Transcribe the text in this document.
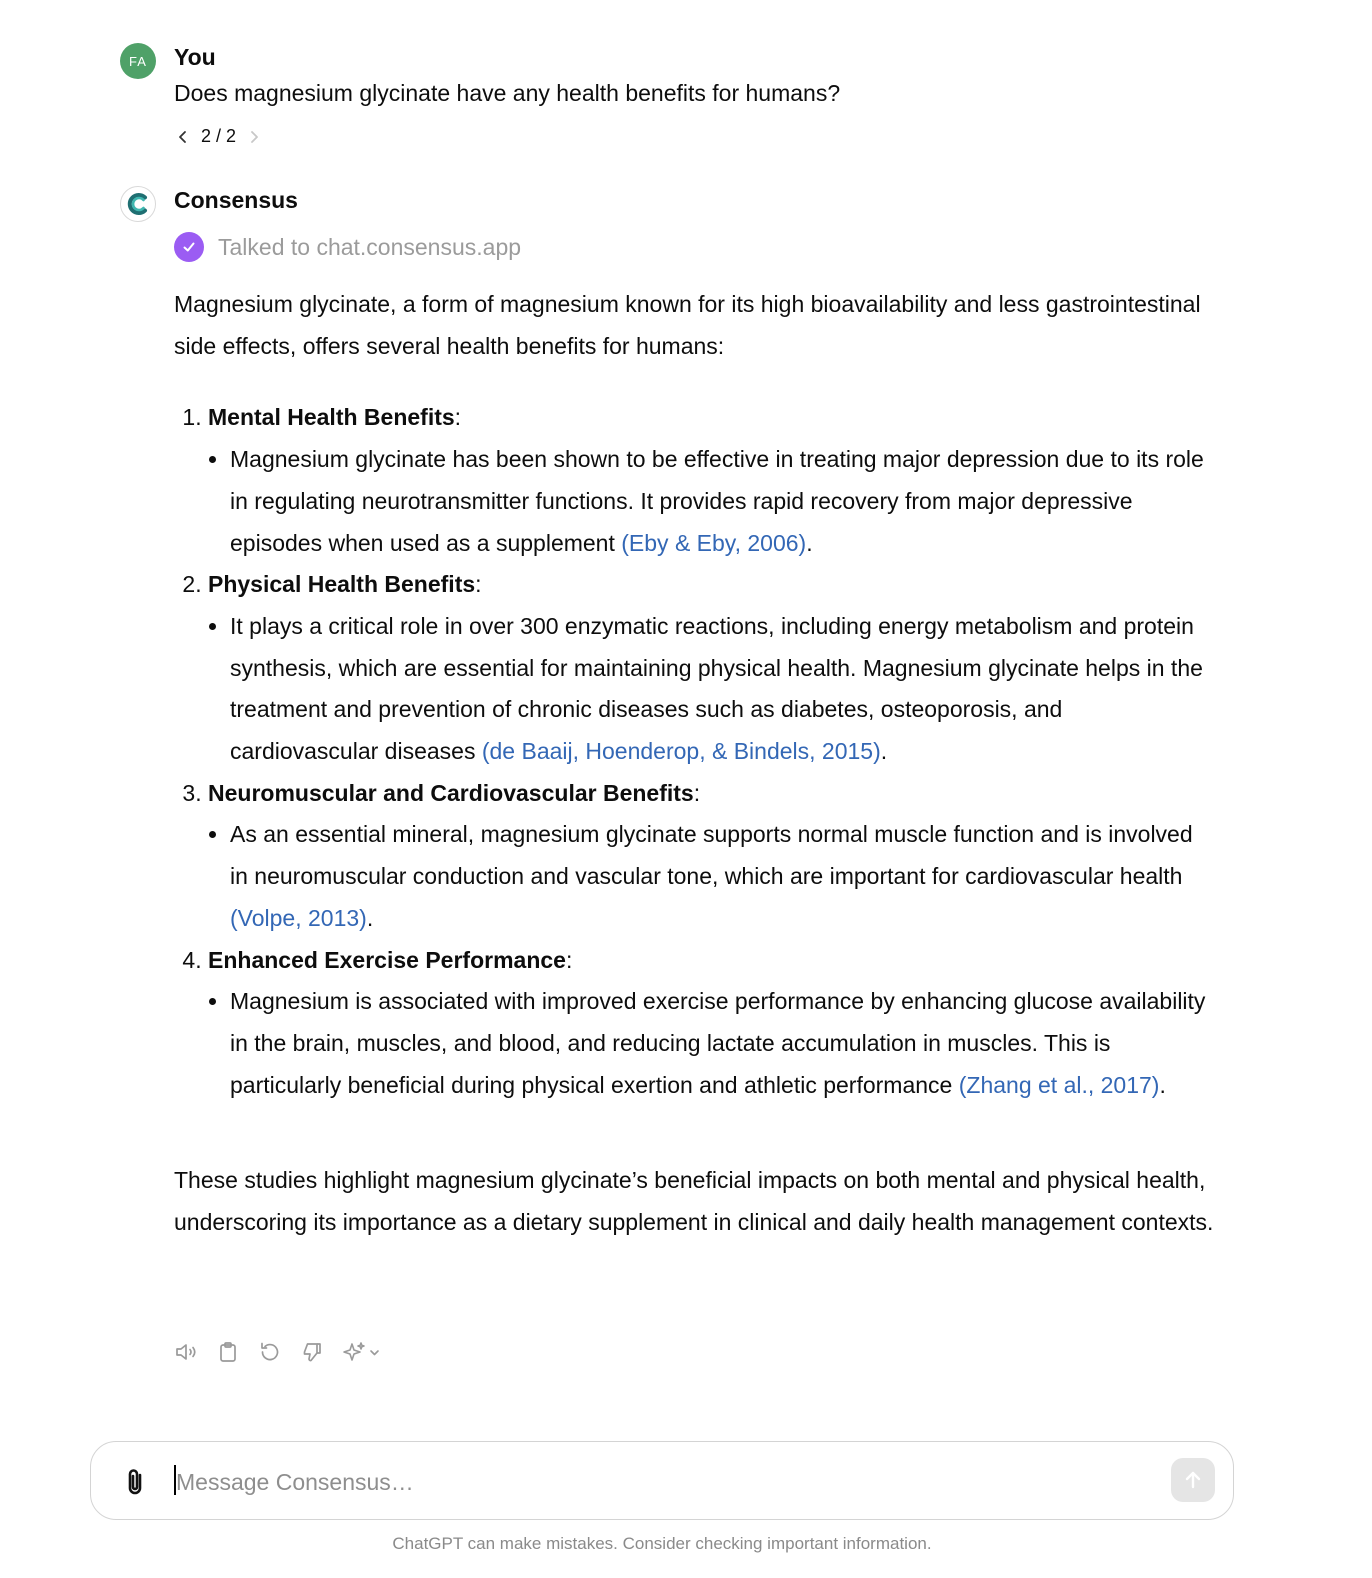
FA	You
Does magnesium glycinate have any health benefits for humans?
2 / 2
Consensus
Talked to chat.consensus.app

Magnesium glycinate, a form of magnesium known for its high bioavailability and less gastrointestinal side effects, offers several health benefits for humans:

1. Mental Health Benefits:
• Magnesium glycinate has been shown to be effective in treating major depression due to its role in regulating neurotransmitter functions. It provides rapid recovery from major depressive episodes when used as a supplement (Eby & Eby, 2006).
2. Physical Health Benefits:
• It plays a critical role in over 300 enzymatic reactions, including energy metabolism and protein synthesis, which are essential for maintaining physical health. Magnesium glycinate helps in the treatment and prevention of chronic diseases such as diabetes, osteoporosis, and cardiovascular diseases (de Baaij, Hoenderop, & Bindels, 2015).
3. Neuromuscular and Cardiovascular Benefits:
• As an essential mineral, magnesium glycinate supports normal muscle function and is involved in neuromuscular conduction and vascular tone, which are important for cardiovascular health (Volpe, 2013).
4. Enhanced Exercise Performance:
• Magnesium is associated with improved exercise performance by enhancing glucose availability in the brain, muscles, and blood, and reducing lactate accumulation in muscles. This is particularly beneficial during physical exertion and athletic performance (Zhang et al., 2017).

These studies highlight magnesium glycinate’s beneficial impacts on both mental and physical health, underscoring its importance as a dietary supplement in clinical and daily health management contexts.

Message Consensus…
ChatGPT can make mistakes. Consider checking important information.
